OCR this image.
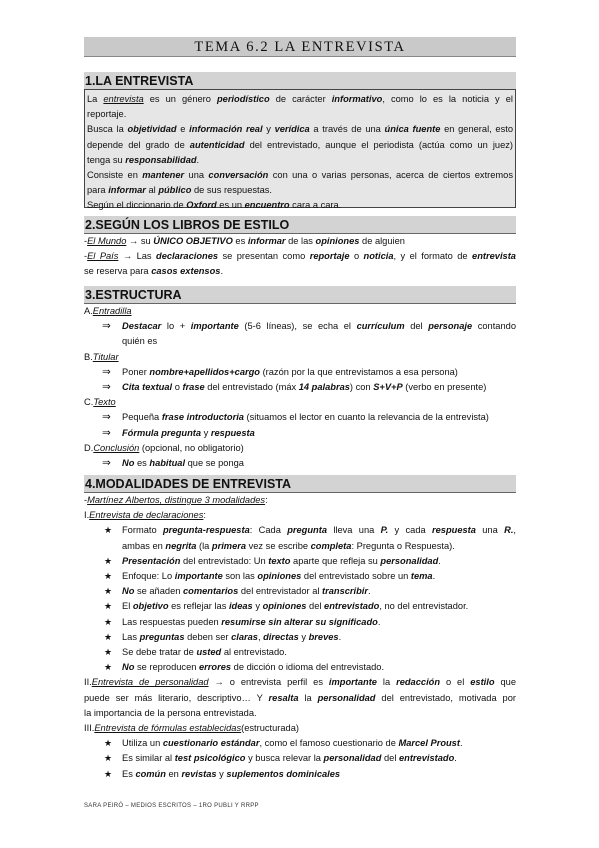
TEMA 6.2 LA ENTREVISTA
1.LA ENTREVISTA
La entrevista es un género periodístico de carácter informativo, como lo es la noticia y el
reportaje.
Busca la objetividad e información real y verídica a través de una única fuente en general, esto
depende del grado de autenticidad del entrevistado, aunque el periodista (actúa como un juez)
tenga su responsabilidad.
Consiste en mantener una conversación con una o varias personas, acerca de ciertos extremos
para informar al público de sus respuestas.
Según el diccionario de Oxford es un encuentro cara a cara.
2.SEGÚN LOS LIBROS DE ESTILO
-El Mundo → su ÚNICO OBJETIVO es informar de las opiniones de alguien
-El País → Las declaraciones se presentan como reportaje o noticia, y el formato de entrevista
se reserva para casos extensos.
3.ESTRUCTURA
A.Entradilla
⇒ Destacar lo + importante (5-6 líneas), se echa el currículum del personaje contando
quién es
B.Titular
⇒ Poner nombre+apellidos+cargo (razón por la que entrevistamos a esa persona)
⇒ Cita textual o frase del entrevistado (máx 14 palabras) con S+V+P (verbo en presente)
C.Texto
⇒ Pequeña frase introductoria (situamos el lector en cuanto la relevancia de la entrevista)
⇒ Fórmula pregunta y respuesta
D.Conclusión (opcional, no obligatorio)
⇒ No es habitual que se ponga
4.MODALIDADES DE ENTREVISTA
-Martínez Albertos, distingue 3 modalidades:
I.Entrevista de declaraciones:
★ Formato pregunta-respuesta: Cada pregunta lleva una P. y cada respuesta una R.,
ambas en negrita (la primera vez se escribe completa: Pregunta o Respuesta).
★ Presentación del entrevistado: Un texto aparte que refleja su personalidad.
★ Enfoque: Lo importante son las opiniones del entrevistado sobre un tema.
★ No se añaden comentarios del entrevistador al transcribir.
★ El objetivo es reflejar las ideas y opiniones del entrevistado, no del entrevistador.
★ Las respuestas pueden resumirse sin alterar su significado.
★ Las preguntas deben ser claras, directas y breves.
★ Se debe tratar de usted al entrevistado.
★ No se reproducen errores de dicción o idioma del entrevistado.
II.Entrevista de personalidad → o entrevista perfil es importante la redacción o el estilo que
puede ser más literario, descriptivo… Y resalta la personalidad del entrevistado, motivada por
la importancia de la persona entrevistada.
III.Entrevista de fórmulas establecidas(estructurada)
★ Utiliza un cuestionario estándar, como el famoso cuestionario de Marcel Proust.
★ Es similar al test psicológico y busca relevar la personalidad del entrevistado.
★ Es común en revistas y suplementos dominicales
SARA PEIRÓ – MEDIOS ESCRITOS – 1RO PUBLI Y RRPP
